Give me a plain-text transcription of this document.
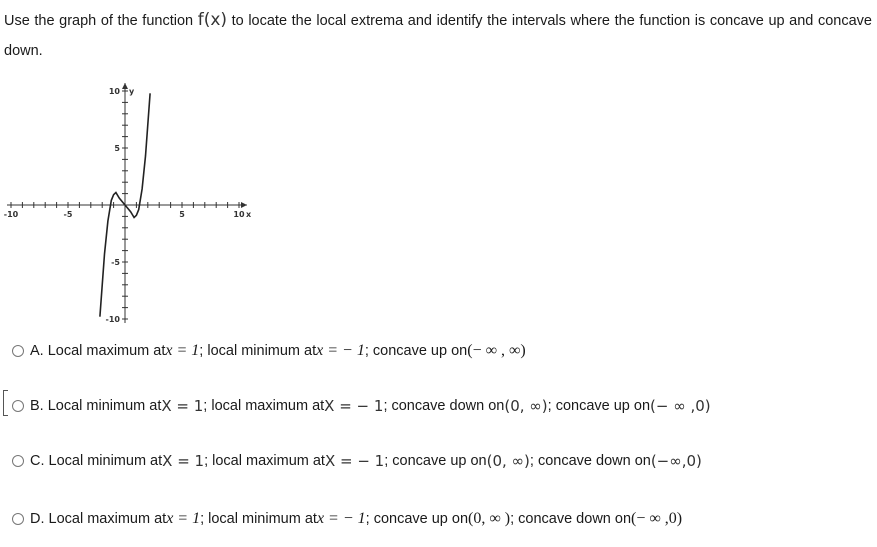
Use the graph of the function f(x) to locate the local extrema and identify the intervals where the function is concave up and concave down.
-10	-5	5	10
10
5
-5
-10
x
y
A.
Local maximum at x = 1 ; local minimum at x = − 1 ; concave up on (− ∞ , ∞)
B.
Local minimum at X = 1 ; local maximum at X = − 1 ; concave down on (0, ∞) ; concave up on (− ∞ ,0)
C.
Local minimum at X = 1 ; local maximum at X = − 1 ; concave up on (0, ∞) ; concave down on (−∞,0)
D.
Local maximum at x = 1 ; local minimum at x = − 1 ; concave up on (0, ∞ ) ; concave down on (− ∞ ,0)
